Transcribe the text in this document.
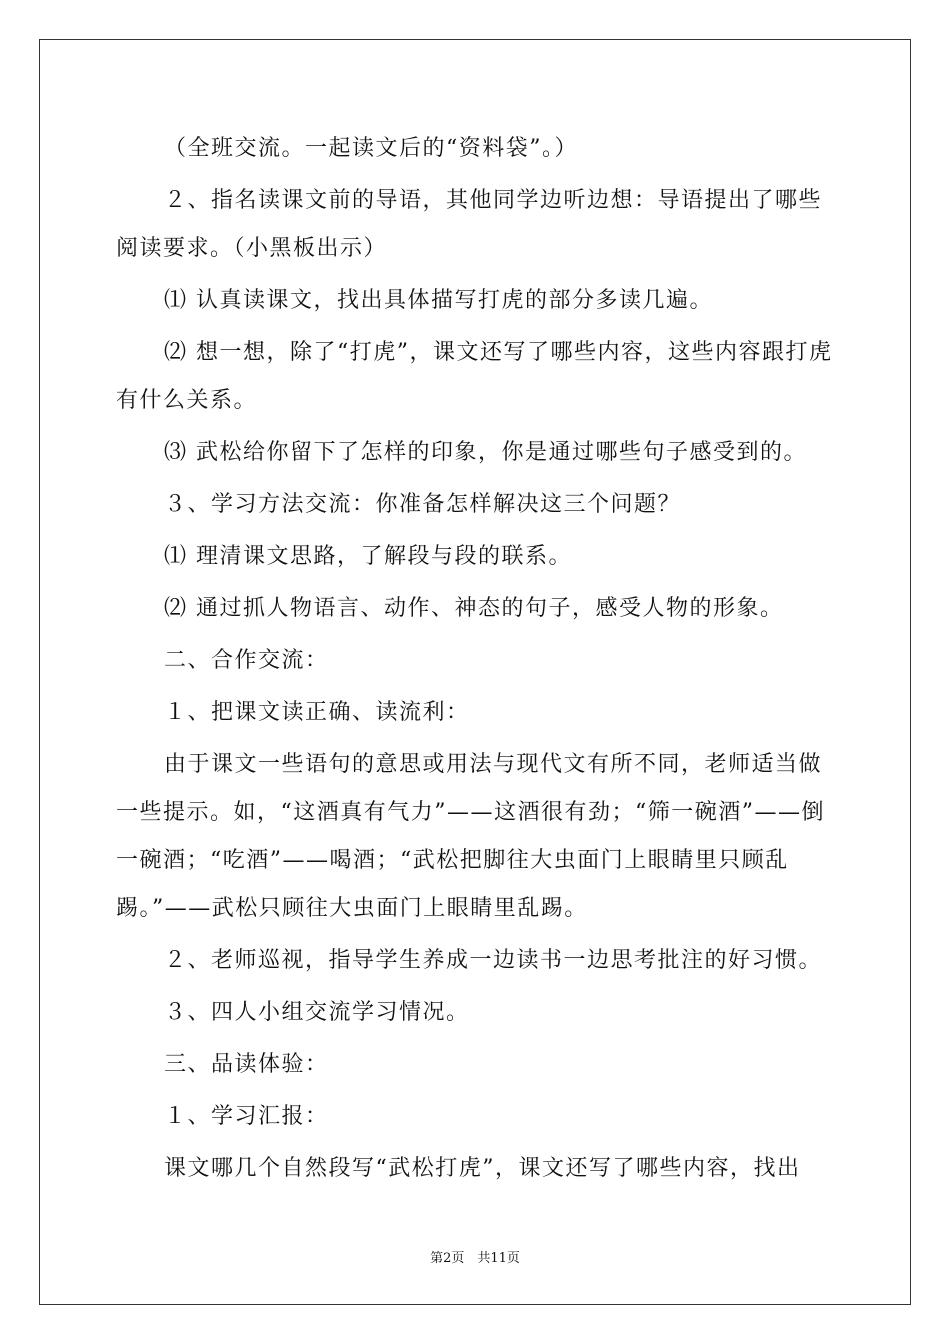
（全班交流。一起读文后的“资料袋”。）

２、指名读课文前的导语，其他同学边听边想：导语提出了哪些阅读要求。（小黑板出示）

⑴ 认真读课文，找出具体描写打虎的部分多读几遍。

⑵ 想一想，除了“打虎”，课文还写了哪些内容，这些内容跟打虎有什么关系。

⑶ 武松给你留下了怎样的印象，你是通过哪些句子感受到的。

３、学习方法交流：你准备怎样解决这三个问题？

⑴ 理清课文思路，了解段与段的联系。

⑵ 通过抓人物语言、动作、神态的句子，感受人物的形象。

二、合作交流：

１、把课文读正确、读流利：

由于课文一些语句的意思或用法与现代文有所不同，老师适当做一些提示。如，“这酒真有气力”——这酒很有劲；“筛一碗酒”——倒一碗酒；“吃酒”——喝酒；“武松把脚往大虫面门上眼睛里只顾乱踢。”——武松只顾往大虫面门上眼睛里乱踢。

２、老师巡视，指导学生养成一边读书一边思考批注的好习惯。

３、四人小组交流学习情况。

三、品读体验：

１、学习汇报：

课文哪几个自然段写“武松打虎”，课文还写了哪些内容，找出

第2页　共11页
